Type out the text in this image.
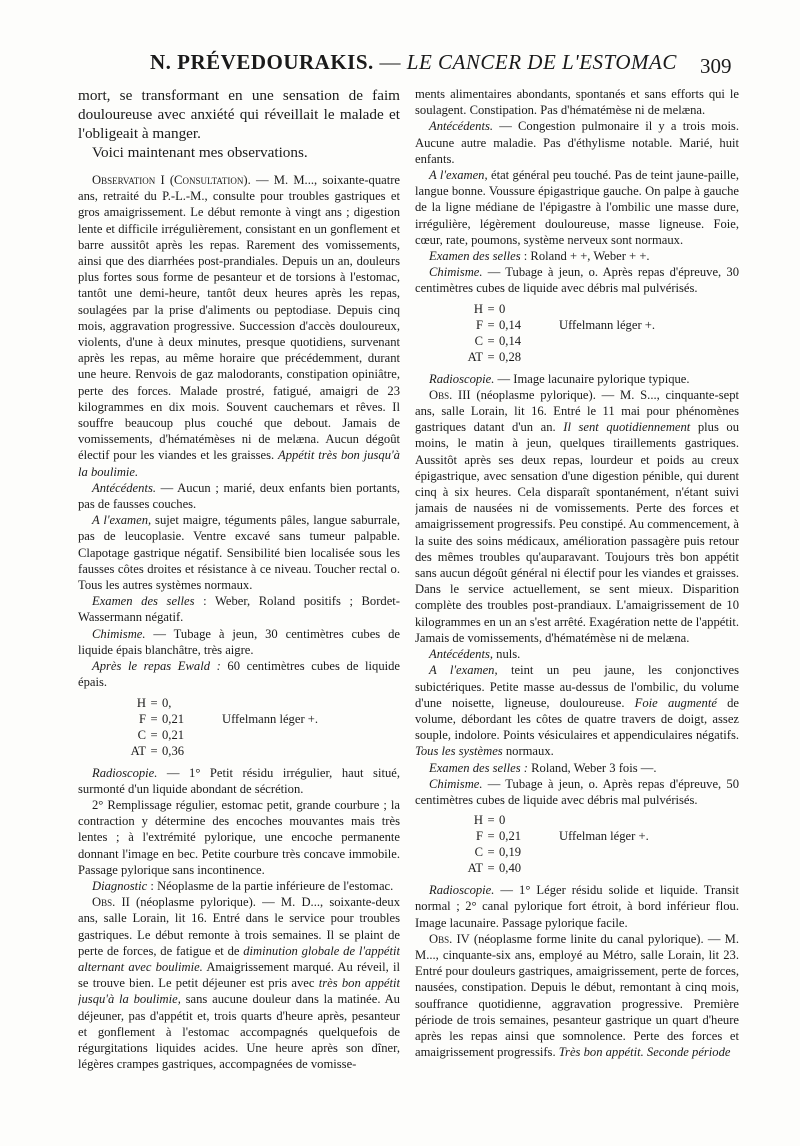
N. PRÉVEDOURAKIS. — LE CANCER DE L'ESTOMAC 309

mort, se transformant en une sensation de faim douloureuse avec anxiété qui réveillait le malade et l'obligeait à manger.

Voici maintenant mes observations.

Observation I (Consultation). — M. M..., soixante-quatre ans, retraité du P.-L.-M., consulte pour troubles gastriques et gros amaigrissement. Le début remonte à vingt ans ; digestion lente et difficile irrégulièrement, consistant en un gonflement et barre aussitôt après les repas. Rarement des vomissements, ainsi que des diarrhées post-prandiales. Depuis un an, douleurs plus fortes sous forme de pesanteur et de torsions à l'estomac, tantôt une demi-heure, tantôt deux heures après les repas, soulagées par la prise d'aliments ou peptodiase. Depuis cinq mois, aggravation progressive. Succession d'accès douloureux, violents, d'une à deux minutes, presque quotidiens, survenant après les repas, au même horaire que précédemment, durant une heure. Renvois de gaz malodorants, constipation opiniâtre, perte des forces. Malade prostré, fatigué, amaigri de 23 kilogrammes en dix mois. Souvent cauchemars et rêves. Il souffre beaucoup plus couché que debout. Jamais de vomissements, d'hématémèses ni de melæna. Aucun dégoût électif pour les viandes et les graisses. Appétit très bon jusqu'à la boulimie.

Antécédents. — Aucun ; marié, deux enfants bien portants, pas de fausses couches.

A l'examen, sujet maigre, téguments pâles, langue saburrale, pas de leucoplasie. Ventre excavé sans tumeur palpable. Clapotage gastrique négatif. Sensibilité bien localisée sous les fausses côtes droites et résistance à ce niveau. Toucher rectal o. Tous les autres systèmes normaux.

Examen des selles : Weber, Roland positifs ; Bordet-Wassermann négatif.

Chimisme. — Tubage à jeun, 30 centimètres cubes de liquide épais blanchâtre, très aigre.

Après le repas Ewald : 60 centimètres cubes de liquide épais.

H = 0,
F = 0,21	Uffelmann léger +.
C = 0,21
AT = 0,36

Radioscopie. — 1° Petit résidu irrégulier, haut situé, surmonté d'un liquide abondant de sécrétion.

2° Remplissage régulier, estomac petit, grande courbure ; la contraction y détermine des encoches mouvantes mais très lentes ; à l'extrémité pylorique, une encoche permanente donnant l'image en bec. Petite courbure très concave immobile. Passage pylorique sans incontinence.

Diagnostic : Néoplasme de la partie inférieure de l'estomac.

Obs. II (néoplasme pylorique). — M. D..., soixante-deux ans, salle Lorain, lit 16. Entré dans le service pour troubles gastriques. Le début remonte à trois semaines. Il se plaint de perte de forces, de fatigue et de diminution globale de l'appétit alternant avec boulimie. Amaigrissement marqué. Au réveil, il se trouve bien. Le petit déjeuner est pris avec très bon appétit jusqu'à la boulimie, sans aucune douleur dans la matinée. Au déjeuner, pas d'appétit et, trois quarts d'heure après, pesanteur et gonflement à l'estomac accompagnés quelquefois de régurgitations liquides acides. Une heure après son dîner, légères crampes gastriques, accompagnées de vomisse-

ments alimentaires abondants, spontanés et sans efforts qui le soulagent. Constipation. Pas d'hématémèse ni de melæna.

Antécédents. — Congestion pulmonaire il y a trois mois. Aucune autre maladie. Pas d'éthylisme notable. Marié, huit enfants.

A l'examen, état général peu touché. Pas de teint jaune-paille, langue bonne. Voussure épigastrique gauche. On palpe à gauche de la ligne médiane de l'épigastre à l'ombilic une masse dure, irrégulière, légèrement douloureuse, masse ligneuse. Foie, cœur, rate, poumons, système nerveux sont normaux.

Examen des selles : Roland + +, Weber + +.

Chimisme. — Tubage à jeun, o. Après repas d'épreuve, 30 centimètres cubes de liquide avec débris mal pulvérisés.

H = 0
F = 0,14	Uffelmann léger +.
C = 0,14
AT = 0,28

Radioscopie. — Image lacunaire pylorique typique.

Obs. III (néoplasme pylorique). — M. S..., cinquante-sept ans, salle Lorain, lit 16. Entré le 11 mai pour phénomènes gastriques datant d'un an. Il sent quotidiennement plus ou moins, le matin à jeun, quelques tiraillements gastriques. Aussitôt après ses deux repas, lourdeur et poids au creux épigastrique, avec sensation d'une digestion pénible, qui durent cinq à six heures. Cela disparaît spontanément, n'étant suivi jamais de nausées ni de vomissements. Perte des forces et amaigrissement progressifs. Peu constipé. Au commencement, à la suite des soins médicaux, amélioration passagère puis retour des mêmes troubles qu'auparavant. Toujours très bon appétit sans aucun dégoût général ni électif pour les viandes et graisses. Dans le service actuellement, se sent mieux. Disparition complète des troubles post-prandiaux. L'amaigrissement de 10 kilogrammes en un an s'est arrêté. Exagération nette de l'appétit. Jamais de vomissements, d'hématémèse ni de melæna.

Antécédents, nuls.

A l'examen, teint un peu jaune, les conjonctives subictériques. Petite masse au-dessus de l'ombilic, du volume d'une noisette, ligneuse, douloureuse. Foie augmenté de volume, débordant les côtes de quatre travers de doigt, assez souple, indolore. Points vésiculaires et appendiculaires négatifs. Tous les systèmes normaux.

Examen des selles : Roland, Weber 3 fois —.

Chimisme. — Tubage à jeun, o. Après repas d'épreuve, 50 centimètres cubes de liquide avec débris mal pulvérisés.

H = 0
F = 0,21	Uffelman léger +.
C = 0,19
AT = 0,40

Radioscopie. — 1° Léger résidu solide et liquide. Transit normal ; 2° canal pylorique fort étroit, à bord inférieur flou. Image lacunaire. Passage pylorique facile.

Obs. IV (néoplasme forme linite du canal pylorique). — M. M..., cinquante-six ans, employé au Métro, salle Lorain, lit 23. Entré pour douleurs gastriques, amaigrissement, perte de forces, nausées, constipation. Depuis le début, remontant à cinq mois, souffrance quotidienne, aggravation progressive. Première période de trois semaines, pesanteur gastrique un quart d'heure après les repas ainsi que somnolence. Perte des forces et amaigrissement progressifs. Très bon appétit. Seconde période
